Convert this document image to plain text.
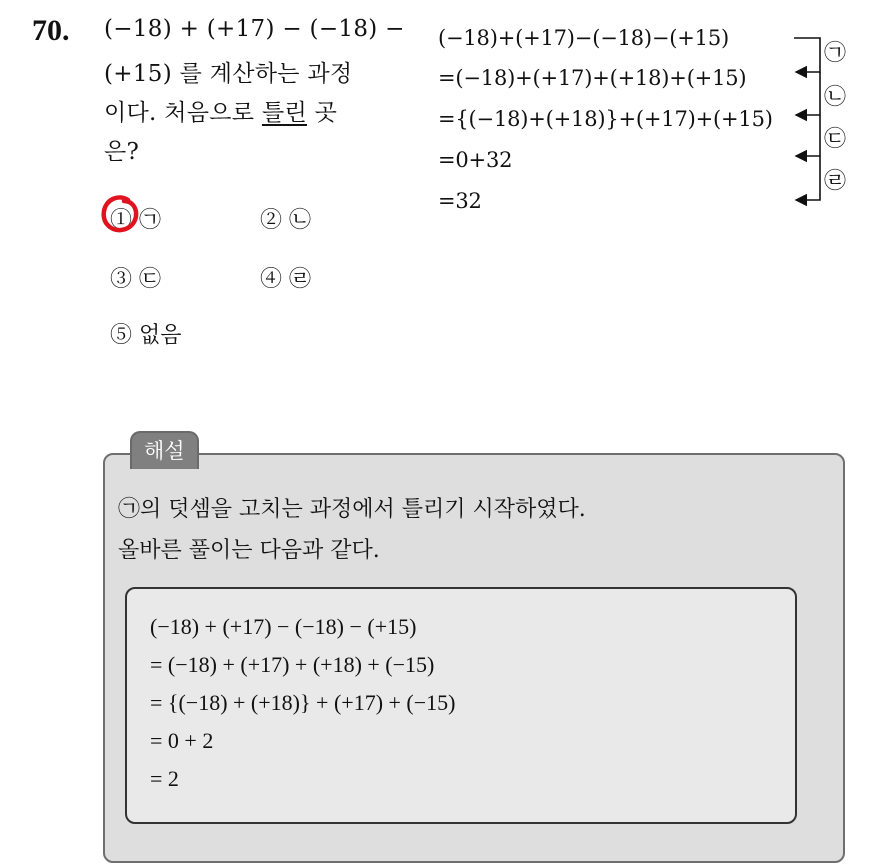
70. (−18) + (+17) − (−18) −
(+15) 를 계산하는 과정
이다. 처음으로 틀린 곳
은?
(−18)+(+17)−(−18)−(+15)
=(−18)+(+17)+(+18)+(+15)
={(−18)+(+18)}+(+17)+(+15)
=0+32
=32
㉠
㉡
㉢
㉣
① ㉠	② ㉡
③ ㉢	④ ㉣
⑤ 없음
해설
㉠의 덧셈을 고치는 과정에서 틀리기 시작하였다.
올바른 풀이는 다음과 같다.
(−18) + (+17) − (−18) − (+15)
= (−18) + (+17) + (+18) + (−15)
= {(−18) + (+18)} + (+17) + (−15)
= 0 + 2
= 2
